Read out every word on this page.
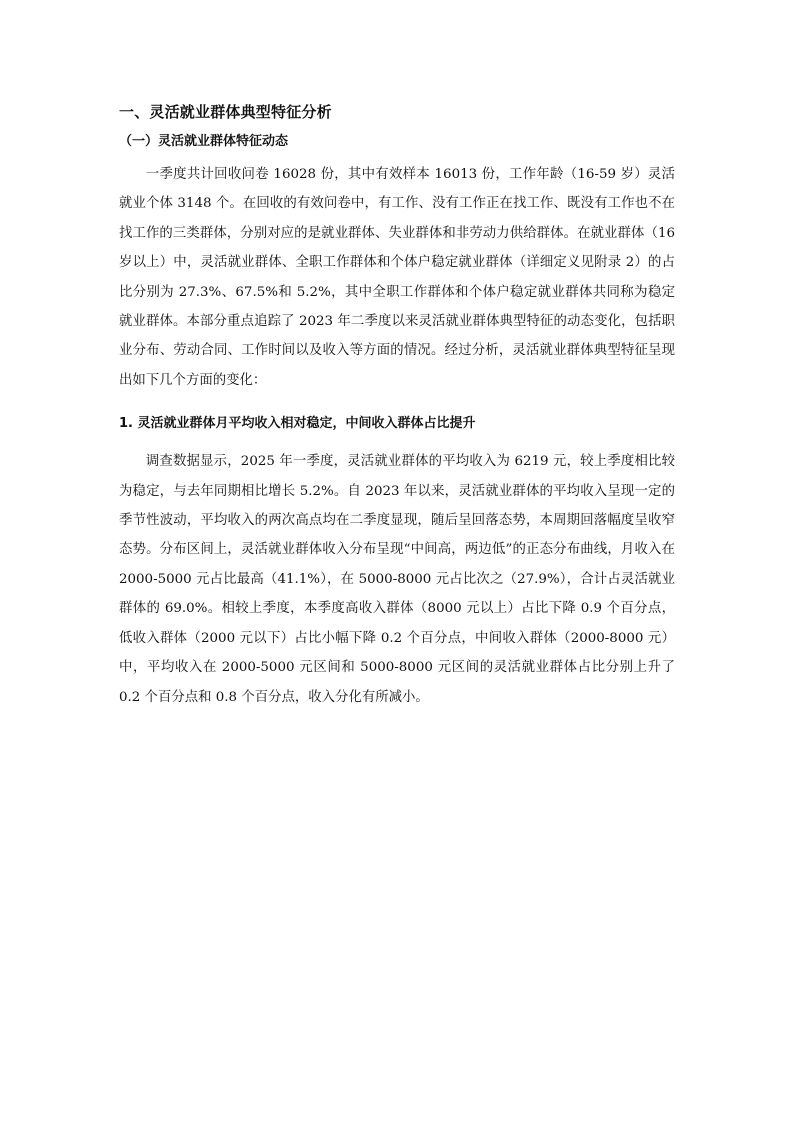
一、灵活就业群体典型特征分析
（一）灵活就业群体特征动态

一季度共计回收问卷 16028 份，其中有效样本 16013 份，工作年龄（16-59 岁）灵活就业个体 3148 个。在回收的有效问卷中，有工作、没有工作正在找工作、既没有工作也不在找工作的三类群体，分别对应的是就业群体、失业群体和非劳动力供给群体。在就业群体（16 岁以上）中，灵活就业群体、全职工作群体和个体户稳定就业群体（详细定义见附录 2）的占比分别为 27.3%、67.5%和 5.2%，其中全职工作群体和个体户稳定就业群体共同称为稳定就业群体。本部分重点追踪了 2023 年二季度以来灵活就业群体典型特征的动态变化，包括职业分布、劳动合同、工作时间以及收入等方面的情况。经过分析，灵活就业群体典型特征呈现出如下几个方面的变化：

1. 灵活就业群体月平均收入相对稳定，中间收入群体占比提升

调查数据显示，2025 年一季度，灵活就业群体的平均收入为 6219 元，较上季度相比较为稳定，与去年同期相比增长 5.2%。自 2023 年以来，灵活就业群体的平均收入呈现一定的季节性波动，平均收入的两次高点均在二季度显现，随后呈回落态势，本周期回落幅度呈收窄态势。分布区间上，灵活就业群体收入分布呈现“中间高，两边低”的正态分布曲线，月收入在 2000-5000 元占比最高（41.1%），在 5000-8000 元占比次之（27.9%），合计占灵活就业群体的 69.0%。相较上季度，本季度高收入群体（8000 元以上）占比下降 0.9 个百分点，低收入群体（2000 元以下）占比小幅下降 0.2 个百分点，中间收入群体（2000-8000 元）中，平均收入在 2000-5000 元区间和 5000-8000 元区间的灵活就业群体占比分别上升了 0.2 个百分点和 0.8 个百分点，收入分化有所减小。
